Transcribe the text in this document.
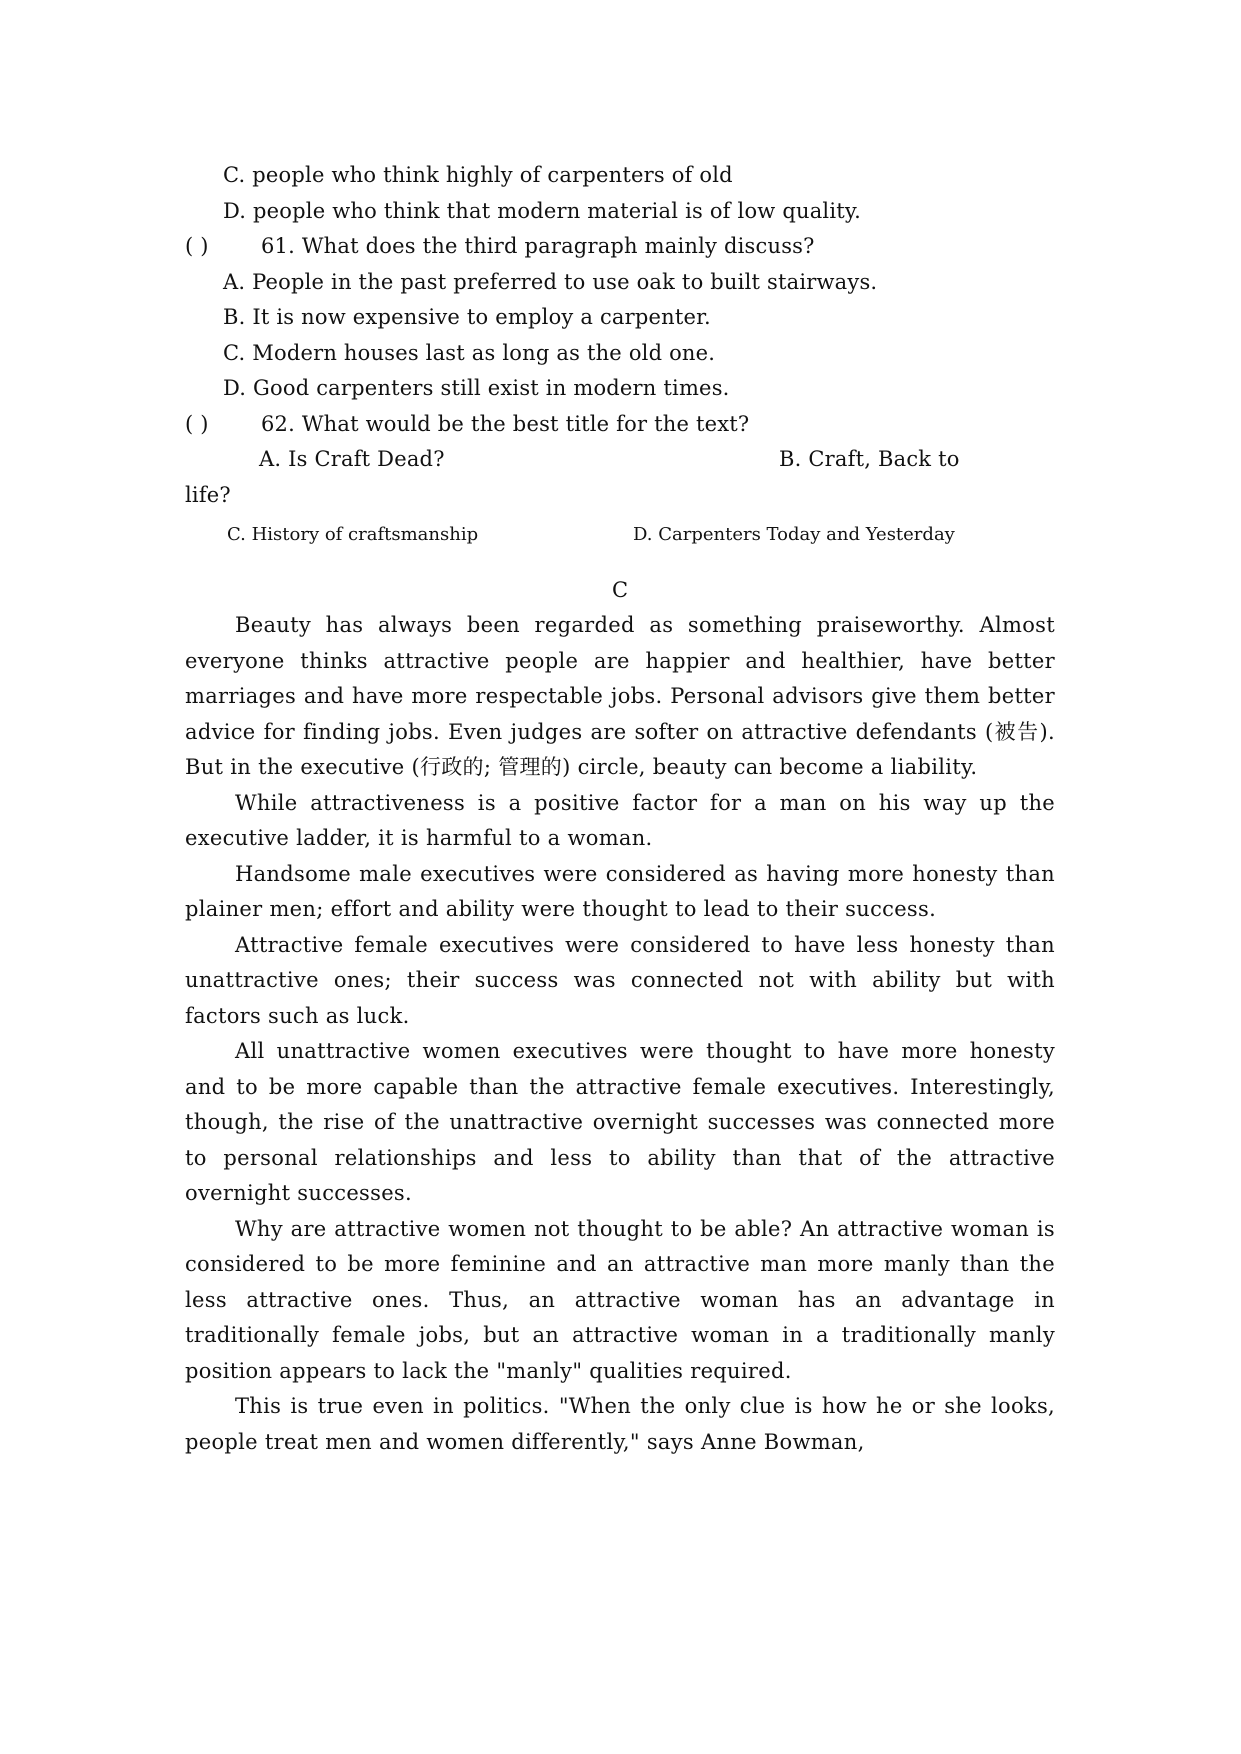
C. people who think highly of carpenters of old
D. people who think that modern material is of low quality.
( ) 61. What does the third paragraph mainly discuss?
A. People in the past preferred to use oak to built stairways.
B. It is now expensive to employ a carpenter.
C. Modern houses last as long as the old one.
D. Good carpenters still exist in modern times.
( ) 62. What would be the best title for the text?
A. Is Craft Dead?	B. Craft, Back to
life?
C. History of craftsmanship	D. Carpenters Today and Yesterday
C

Beauty has always been regarded as something praiseworthy. Almost everyone thinks attractive people are happier and healthier, have better marriages and have more respectable jobs. Personal advisors give them better advice for finding jobs. Even judges are softer on attractive defendants (被告). But in the executive (行政的; 管理的) circle, beauty can become a liability.

While attractiveness is a positive factor for a man on his way up the executive ladder, it is harmful to a woman.

Handsome male executives were considered as having more honesty than plainer men; effort and ability were thought to lead to their success.

Attractive female executives were considered to have less honesty than unattractive ones; their success was connected not with ability but with factors such as luck.

All unattractive women executives were thought to have more honesty and to be more capable than the attractive female executives. Interestingly, though, the rise of the unattractive overnight successes was connected more to personal relationships and less to ability than that of the attractive overnight successes.

Why are attractive women not thought to be able? An attractive woman is considered to be more feminine and an attractive man more manly than the less attractive ones. Thus, an attractive woman has an advantage in traditionally female jobs, but an attractive woman in a traditionally manly position appears to lack the "manly" qualities required.

This is true even in politics. "When the only clue is how he or she looks, people treat men and women differently," says Anne Bowman,
